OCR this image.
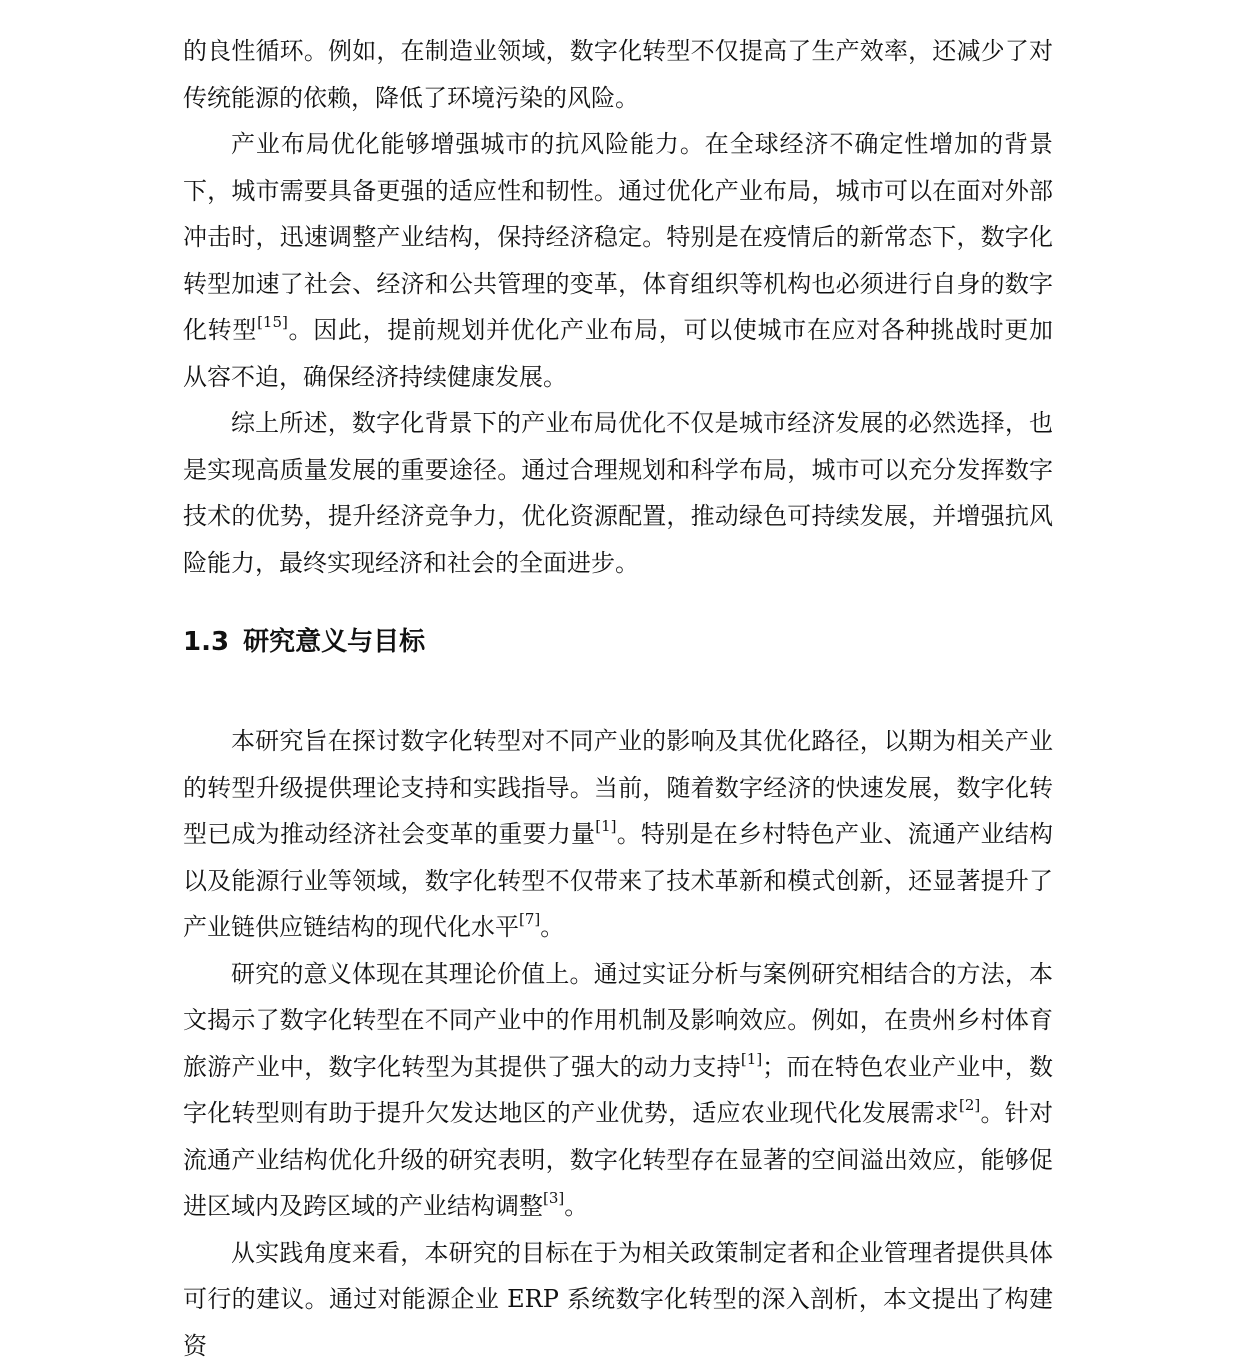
的良性循环。例如，在制造业领域，数字化转型不仅提高了生产效率，还减少了对传统能源的依赖，降低了环境污染的风险。

产业布局优化能够增强城市的抗风险能力。在全球经济不确定性增加的背景下，城市需要具备更强的适应性和韧性。通过优化产业布局，城市可以在面对外部冲击时，迅速调整产业结构，保持经济稳定。特别是在疫情后的新常态下，数字化转型加速了社会、经济和公共管理的变革，体育组织等机构也必须进行自身的数字化转型[15]。因此，提前规划并优化产业布局，可以使城市在应对各种挑战时更加从容不迫，确保经济持续健康发展。

综上所述，数字化背景下的产业布局优化不仅是城市经济发展的必然选择，也是实现高质量发展的重要途径。通过合理规划和科学布局，城市可以充分发挥数字技术的优势，提升经济竞争力，优化资源配置，推动绿色可持续发展，并增强抗风险能力，最终实现经济和社会的全面进步。

1.3 研究意义与目标

本研究旨在探讨数字化转型对不同产业的影响及其优化路径，以期为相关产业的转型升级提供理论支持和实践指导。当前，随着数字经济的快速发展，数字化转型已成为推动经济社会变革的重要力量[1]。特别是在乡村特色产业、流通产业结构以及能源行业等领域，数字化转型不仅带来了技术革新和模式创新，还显著提升了产业链供应链结构的现代化水平[7]。

研究的意义体现在其理论价值上。通过实证分析与案例研究相结合的方法，本文揭示了数字化转型在不同产业中的作用机制及影响效应。例如，在贵州乡村体育旅游产业中，数字化转型为其提供了强大的动力支持[1]；而在特色农业产业中，数字化转型则有助于提升欠发达地区的产业优势，适应农业现代化发展需求[2]。针对流通产业结构优化升级的研究表明，数字化转型存在显著的空间溢出效应，能够促进区域内及跨区域的产业结构调整[3]。

从实践角度来看，本研究的目标在于为相关政策制定者和企业管理者提供具体可行的建议。通过对能源企业 ERP 系统数字化转型的深入剖析，本文提出了构建资
